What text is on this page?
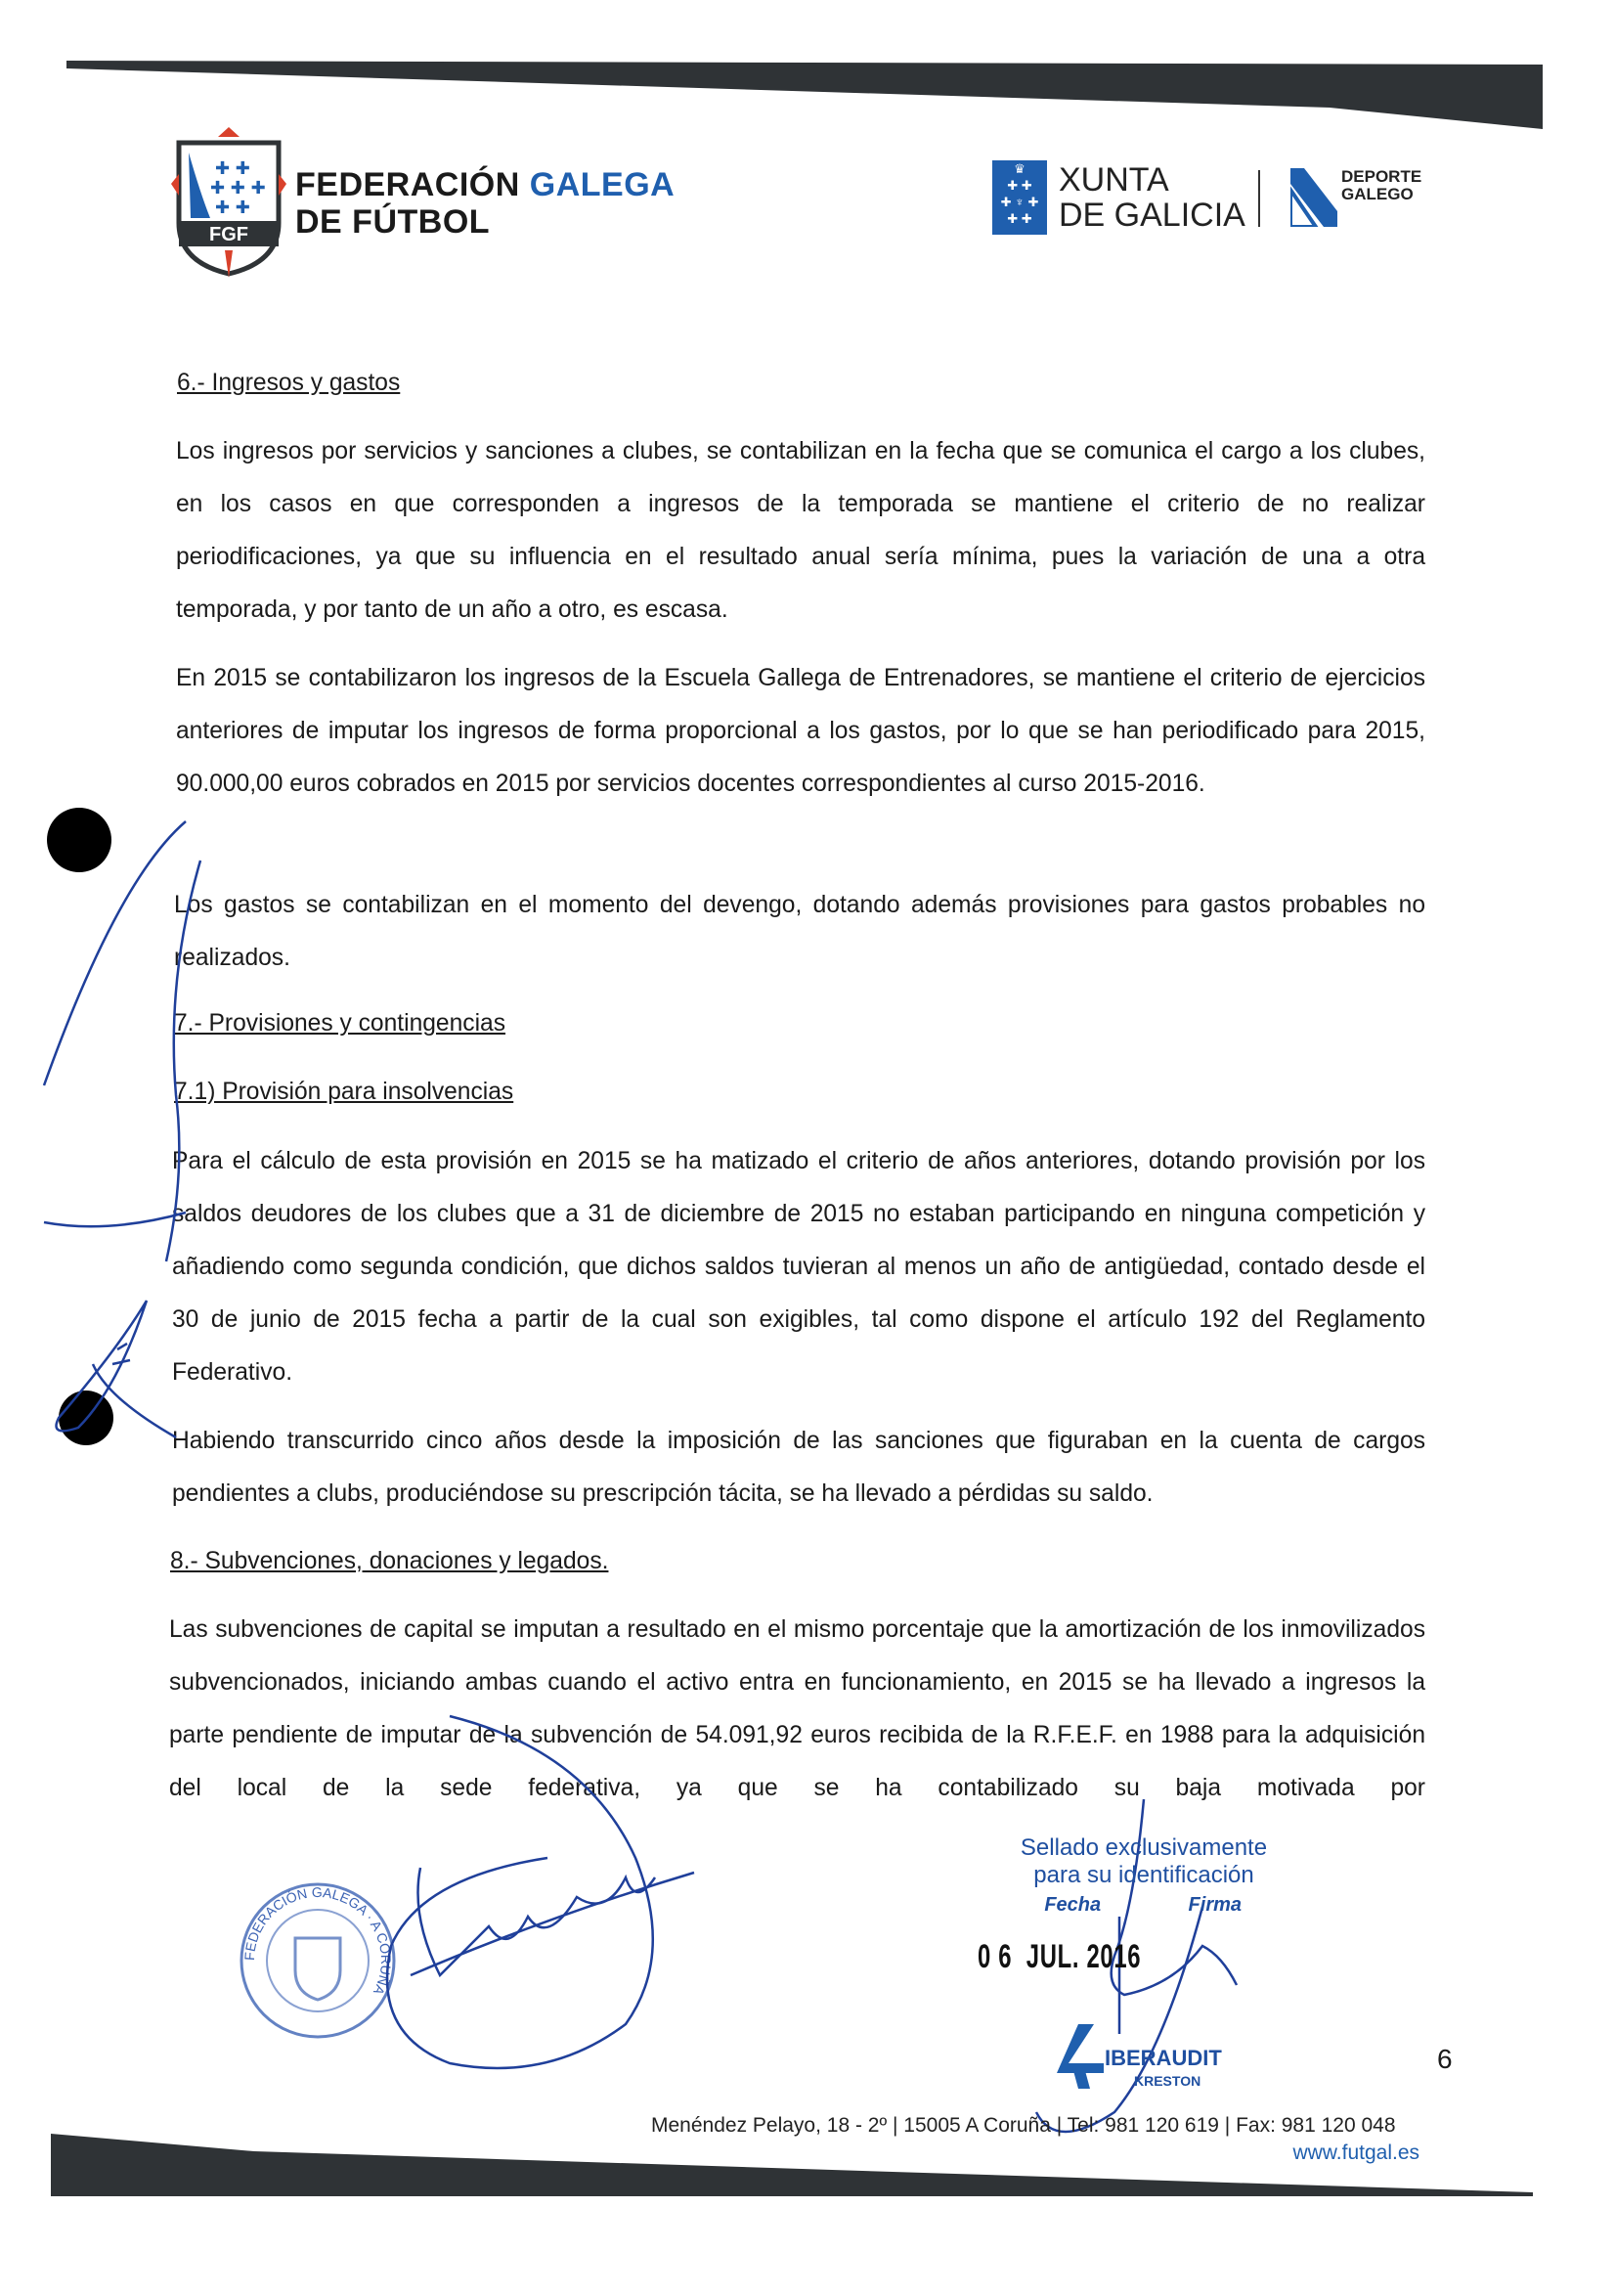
✚ ✚
✚ ✚ ✚
✚ ✚
FGF
FEDERACIÓN GALEGA
DE FÚTBOL
♛
✚ ✚
✚ ♆ ✚
✚ ✚
XUNTA
DE GALICIA
DEPORTE
GALEGO

6.- Ingresos y gastos

Los ingresos por servicios y sanciones a clubes, se contabilizan en la fecha que se comunica el cargo a los clubes, en los casos en que corresponden a ingresos de la temporada se mantiene el criterio de no realizar periodificaciones, ya que su influencia en el resultado anual sería mínima, pues la variación de una a otra temporada, y por tanto de un año a otro, es escasa.

En 2015 se contabilizaron los ingresos de la Escuela Gallega de Entrenadores, se mantiene el criterio de ejercicios anteriores de imputar los ingresos de forma proporcional a los gastos, por lo que se han periodificado para 2015, 90.000,00 euros cobrados en 2015 por servicios docentes correspondientes al curso 2015-2016.

Los gastos se contabilizan en el momento del devengo, dotando además provisiones para gastos probables no realizados.

7.- Provisiones y contingencias

7.1) Provisión para insolvencias

Para el cálculo de esta provisión en 2015 se ha matizado el criterio de años anteriores, dotando provisión por los saldos deudores de los clubes que a 31 de diciembre de 2015 no estaban participando en ninguna competición y añadiendo como segunda condición, que dichos saldos tuvieran al menos un año de antigüedad, contado desde el 30 de junio de 2015 fecha a partir de la cual son exigibles, tal como dispone el artículo 192 del Reglamento Federativo.

Habiendo transcurrido cinco años desde la imposición de las sanciones que figuraban en la cuenta de cargos pendientes a clubs, produciéndose su prescripción tácita, se ha llevado a pérdidas su saldo.

8.- Subvenciones, donaciones y legados.

Las subvenciones de capital se imputan a resultado en el mismo porcentaje que la amortización de los inmovilizados subvencionados, iniciando ambas cuando el activo entra en funcionamiento, en 2015 se ha llevado a ingresos la parte pendiente de imputar de la subvención de 54.091,92 euros recibida de la R.F.E.F. en 1988 para la adquisición del local de la sede federativa, ya que se ha contabilizado su baja motivada por

FEDERACIÓN GALEGA · A CORUÑA
Sellado exclusivamente
para su identificación
Fecha	Firma
0 6  JUL. 2016
IBERAUDIT
KRESTON
6
Menéndez Pelayo, 18 - 2º | 15005 A Coruña | Tel: 981 120 619 | Fax: 981 120 048
www.futgal.es
